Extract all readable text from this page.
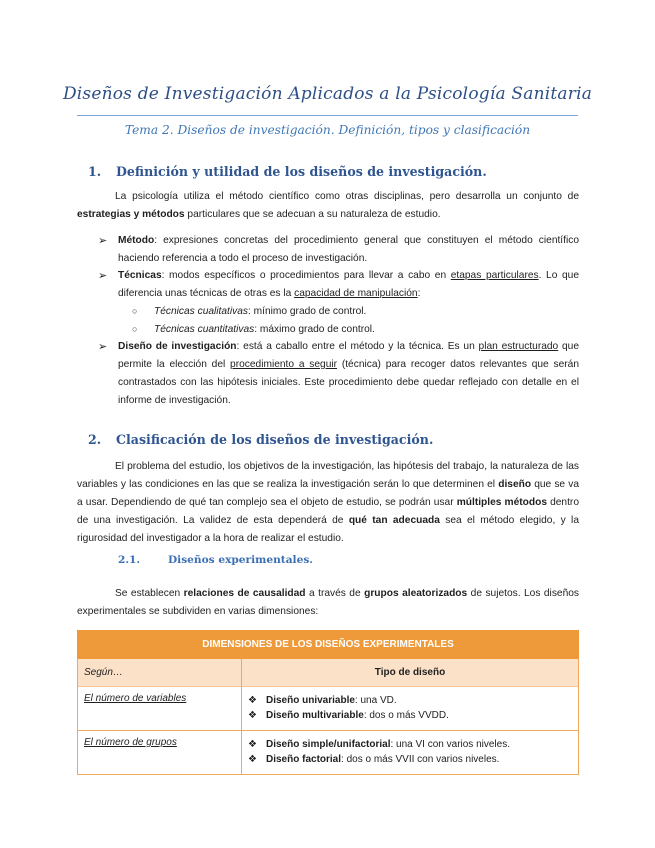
Diseños de Investigación Aplicados a la Psicología Sanitaria
Tema 2. Diseños de investigación. Definición, tipos y clasificación
1. Definición y utilidad de los diseños de investigación.
La psicología utiliza el método científico como otras disciplinas, pero desarrolla un conjunto de estrategias y métodos particulares que se adecuan a su naturaleza de estudio.
➢ Método: expresiones concretas del procedimiento general que constituyen el método científico haciendo referencia a todo el proceso de investigación.
➢ Técnicas: modos específicos o procedimientos para llevar a cabo en etapas particulares. Lo que diferencia unas técnicas de otras es la capacidad de manipulación:
○ Técnicas cualitativas: mínimo grado de control.
○ Técnicas cuantitativas: máximo grado de control.
➢ Diseño de investigación: está a caballo entre el método y la técnica. Es un plan estructurado que permite la elección del procedimiento a seguir (técnica) para recoger datos relevantes que serán contrastados con las hipótesis iniciales. Este procedimiento debe quedar reflejado con detalle en el informe de investigación.
2. Clasificación de los diseños de investigación.
El problema del estudio, los objetivos de la investigación, las hipótesis del trabajo, la naturaleza de las variables y las condiciones en las que se realiza la investigación serán lo que determinen el diseño que se va a usar. Dependiendo de qué tan complejo sea el objeto de estudio, se podrán usar múltiples métodos dentro de una investigación. La validez de esta dependerá de qué tan adecuada sea el método elegido, y la rigurosidad del investigador a la hora de realizar el estudio.
2.1.	Diseños experimentales.
Se establecen relaciones de causalidad a través de grupos aleatorizados de sujetos. Los diseños experimentales se subdividen en varias dimensiones:
DIMENSIONES DE LOS DISEÑOS EXPERIMENTALES	
Según…	Tipo de diseño
El número de variables	❖ Diseño univariable: una VD.
❖ Diseño multivariable: dos o más VVDD.

El número de grupos	❖ Diseño simple/unifactorial: una VI con varios niveles.
❖ Diseño factorial: dos o más VVII con varios niveles.
